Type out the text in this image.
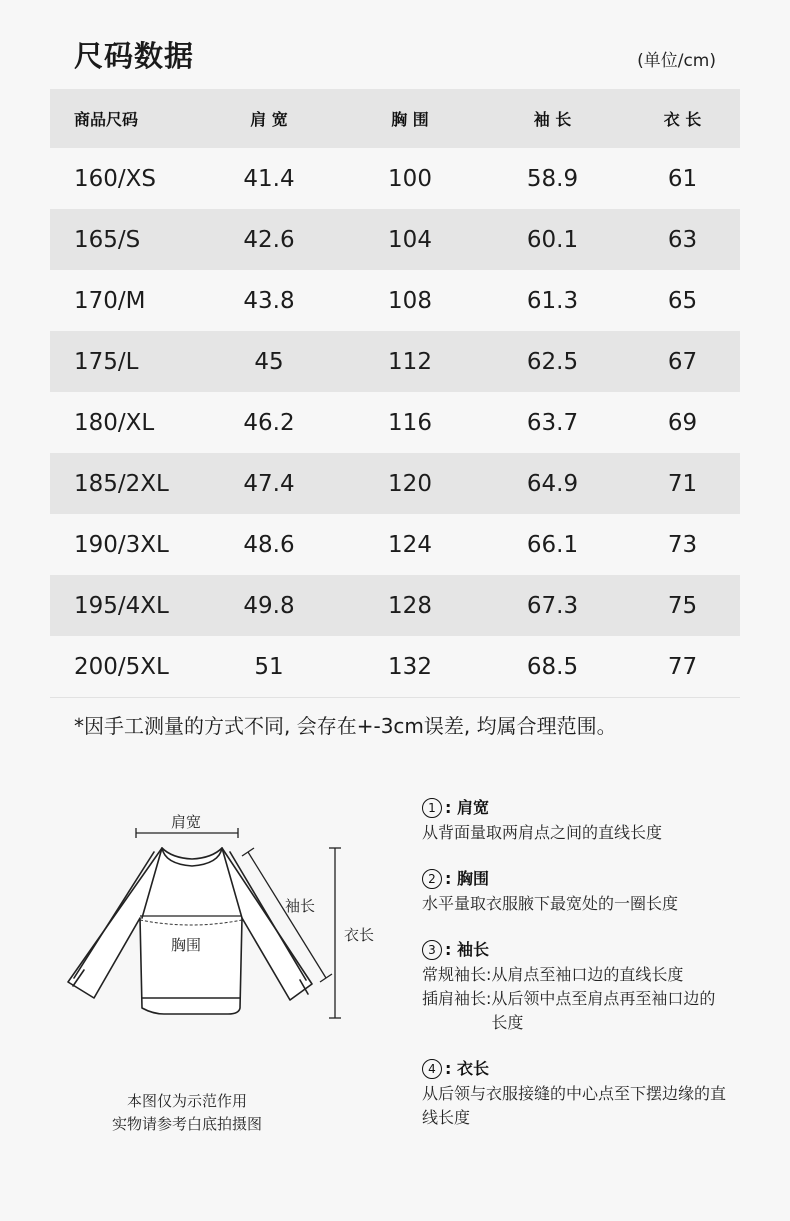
尺码数据	(单位/cm)
商品尺码	肩 宽	胸 围	袖 长	衣 长
160/XS	41.4	100	58.9	61
165/S	42.6	104	60.1	63
170/M	43.8	108	61.3	65
175/L	45	112	62.5	67
180/XL	46.2	116	63.7	69
185/2XL	47.4	120	64.9	71
190/3XL	48.6	124	66.1	73
195/4XL	49.8	128	67.3	75
200/5XL	51	132	68.5	77
*因手工测量的方式不同, 会存在+-3cm误差, 均属合理范围。
肩宽
胸围
袖长
衣长
本图仅为示范作用
实物请参考白底拍摄图
1 : 肩宽
从背面量取两肩点之间的直线长度
2 : 胸围
水平量取衣服腋下最宽处的一圈长度
3 : 袖长
常规袖长: 从肩点至袖口边的直线长度
插肩袖长: 从后领中点至肩点再至袖口边的长度
4 : 衣长
从后领与衣服接缝的中心点至下摆边缘的直线长度
